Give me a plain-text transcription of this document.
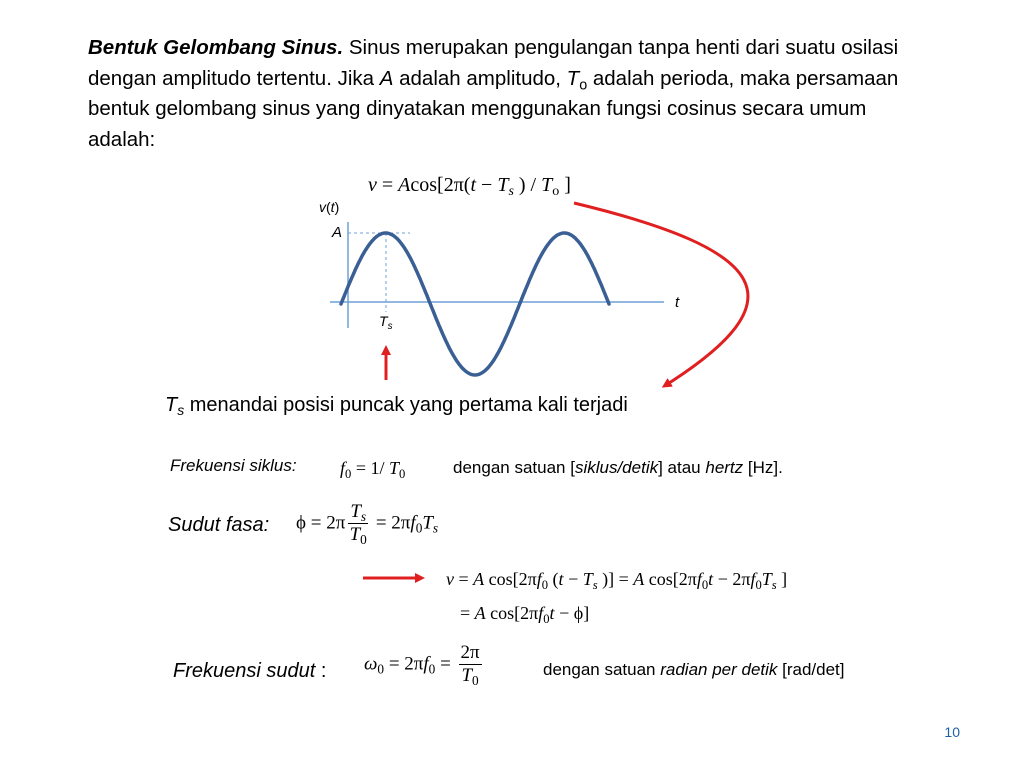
Bentuk Gelombang Sinus. Sinus merupakan pengulangan tanpa henti dari suatu osilasi dengan amplitudo tertentu. Jika A adalah amplitudo, $T_o$ adalah perioda, maka persamaan bentuk gelombang sinus yang dinyatakan menggunakan fungsi cosinus secara umum adalah:
$v = Acos[2\pi(t - T_s$ ) / $T_o$ ]
v(t)
A
t
$T_s$
$T_s$ menandai posisi puncak yang pertama kali terjadi
Frekuensi siklus: $f_0 = 1/$ $T_0$	dengan satuan [siklus/detik] atau hertz [Hz].
Sudut fasa: $\phi = 2\pi \frac{T_s}{T_0} = 2\pi f_0T_s$
v = A $\cos[2\pi f_0$ ($t - T_s$ )] = A $\cos[2\pi f_0t - 2\pi f_0T_s$ ]
= A $\cos[2\pi f_0t - \phi]$
Frekuensi sudut : $\omega_0 = 2\pi f_0 = \frac{2\pi}{T_0}$	dengan satuan radian per detik [rad/det]
10
